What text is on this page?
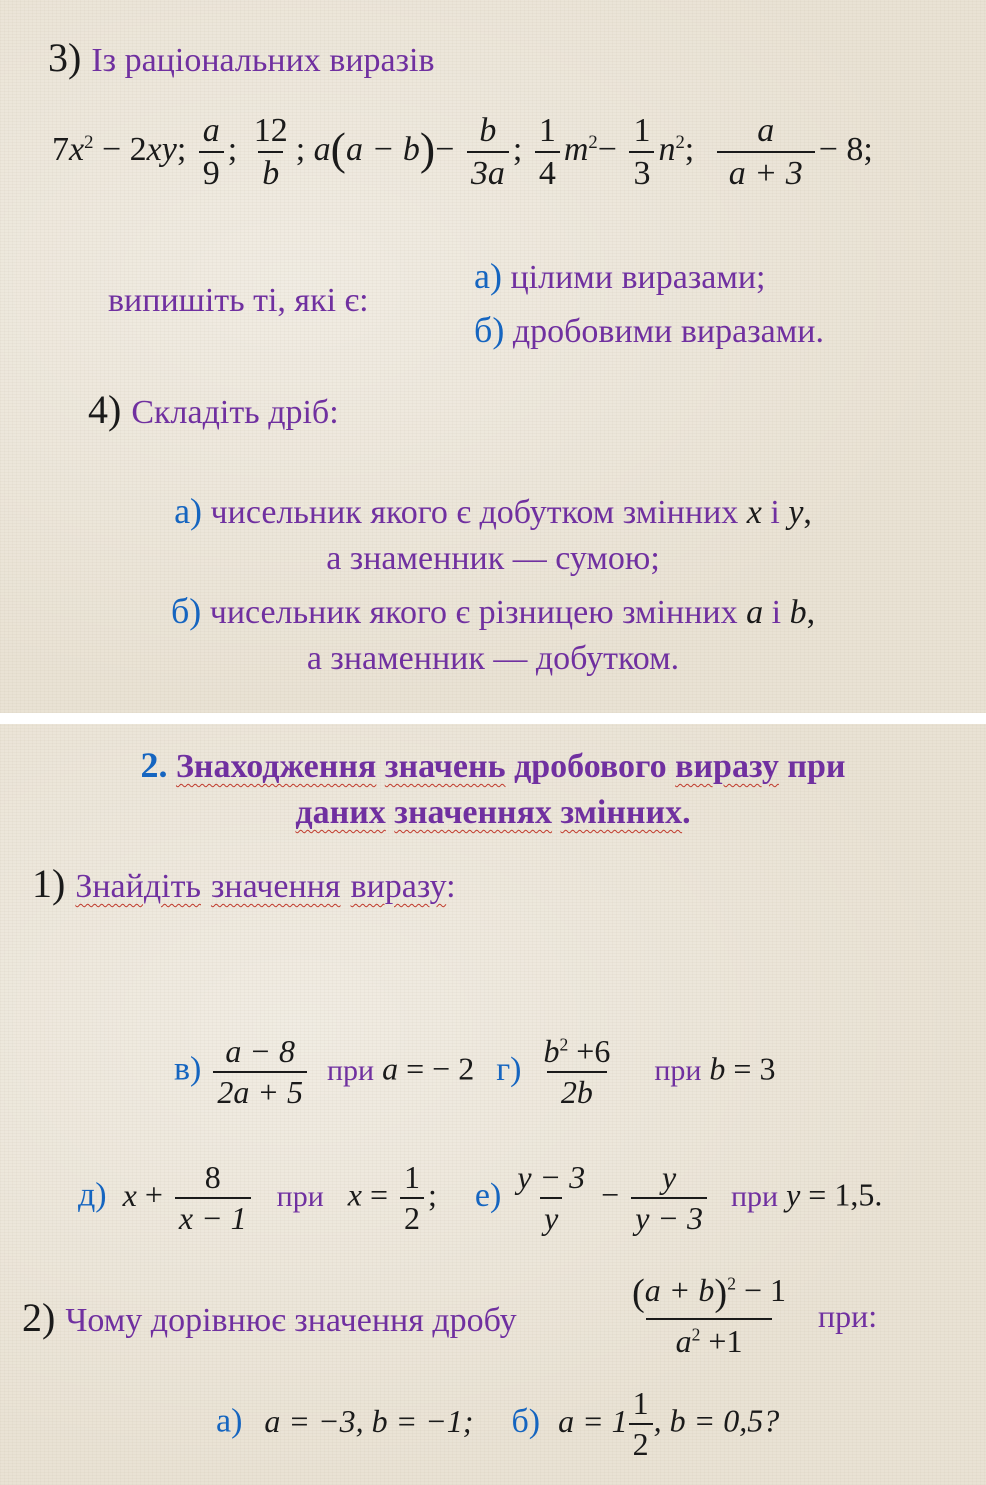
3) Із раціональних виразів
$7x^2 - 2xy$; $\frac{a}{9}$ ; $\frac{12}{b}$ ; $a(a - b)- \frac{b}{3a}$ ; $\frac{1}{4} m^2- \frac{1}{3} n^2$; $\frac{a}{a + 3} - 8$;
випишіть ті, які є:
а) цілими виразами;
б) дробовими виразами.
4) Складіть дріб:
а) чисельник якого є добутком змінних x і y,
а знаменник — сумою;
б) чисельник якого є різницею змінних a і b,
а знаменник — добутком.
2. Знаходження значень дробового виразу при
даних значеннях змінних.
1) Знайдіть значення виразу:
$в) \frac{a - 8}{2a + 5}$ при a = − 2 $г) \frac{b^2 +6}{2b}$ при b = 3
д) $x + \frac{8}{x - 1}$ при $x = \frac{1}{2}$ ; $е) \frac{y - 3}{y} - \frac{y}{y - 3}$ при y = 1,5.
2) Чому дорівнює значення дробу	$\frac{(a + b)^2 - 1}{a^2 +1}$ при:
а) a = −3, b = −1; б) $a = 1 \frac{1}{2}$ , b = 0,5?
